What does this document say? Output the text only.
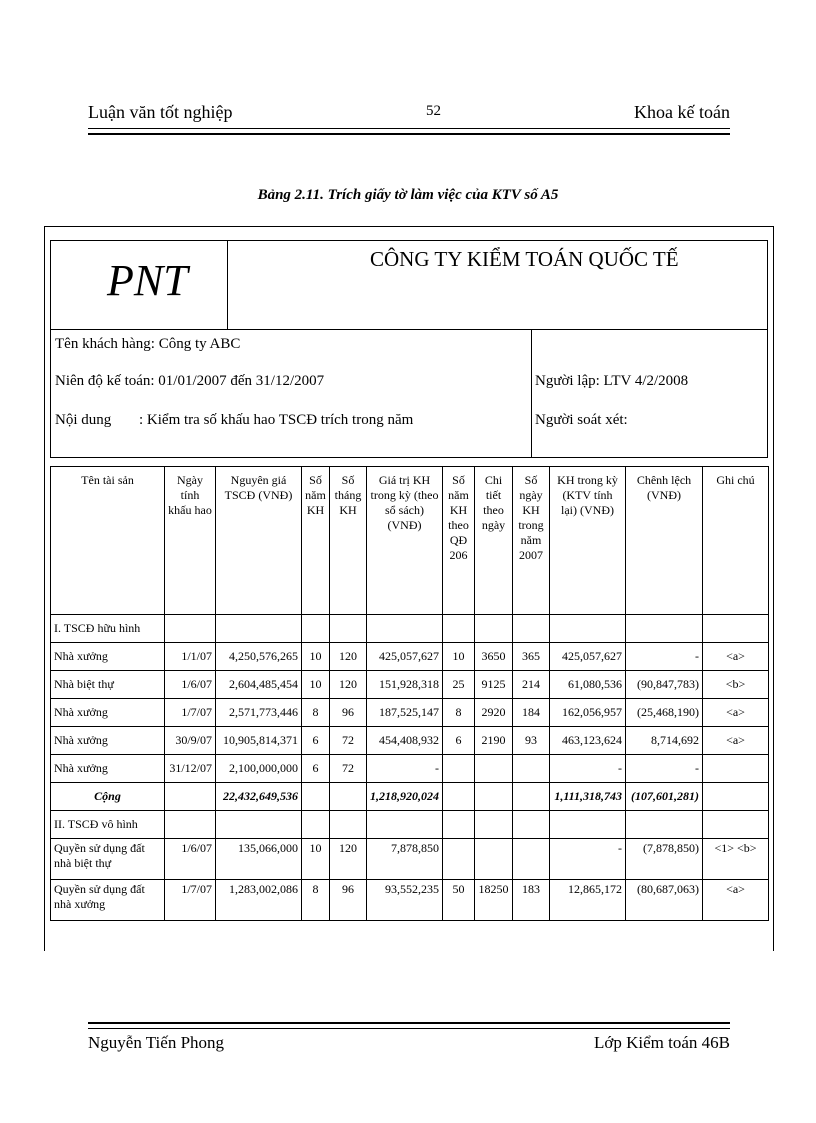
Luận văn tốt nghiệp	52	Khoa kế toán
Bảng 2.11. Trích giấy tờ làm việc của KTV số A5
PNT	CÔNG TY KIỂM TOÁN QUỐC TẾ
Tên khách hàng: Công ty ABC
Niên độ kế toán: 01/01/2007 đến 31/12/2007
Nội dung : Kiểm tra số khấu hao TSCĐ trích trong năm
Người lập: LTV 4/2/2008
Người soát xét:
Tên tài sản	Ngày tính khấu hao	Nguyên giá TSCĐ (VNĐ)	Số năm KH	Số tháng KH	Giá trị KH trong kỳ (theo sổ sách) (VNĐ)	Số năm KH theo QĐ 206	Chi tiết theo ngày	Số ngày KH trong năm 2007	KH trong kỳ (KTV tính lại) (VNĐ)	Chênh lệch (VNĐ)	Ghi chú
I. TSCĐ hữu hình											
Nhà xưởng	1/1/07	4,250,576,265	10	120	425,057,627	10	3650	365	425,057,627	-	<a>
Nhà biệt thự	1/6/07	2,604,485,454	10	120	151,928,318	25	9125	214	61,080,536	(90,847,783)	<b>
Nhà xưởng	1/7/07	2,571,773,446	8	96	187,525,147	8	2920	184	162,056,957	(25,468,190)	<a>
Nhà xưởng	30/9/07	10,905,814,371	6	72	454,408,932	6	2190	93	463,123,624	8,714,692	<a>
Nhà xưởng	31/12/07	2,100,000,000	6	72	-				-	-	
Cộng		22,432,649,536			1,218,920,024				1,111,318,743	(107,601,281)	
II. TSCĐ vô hình											
Quyền sử dụng đất nhà biệt thự	1/6/07	135,066,000	10	120	7,878,850				-	(7,878,850)	<1> <b>
Quyền sử dụng đất nhà xưởng	1/7/07	1,283,002,086	8	96	93,552,235	50	18250	183	12,865,172	(80,687,063)	<a>
Nguyễn Tiến Phong	Lớp Kiểm toán 46B
